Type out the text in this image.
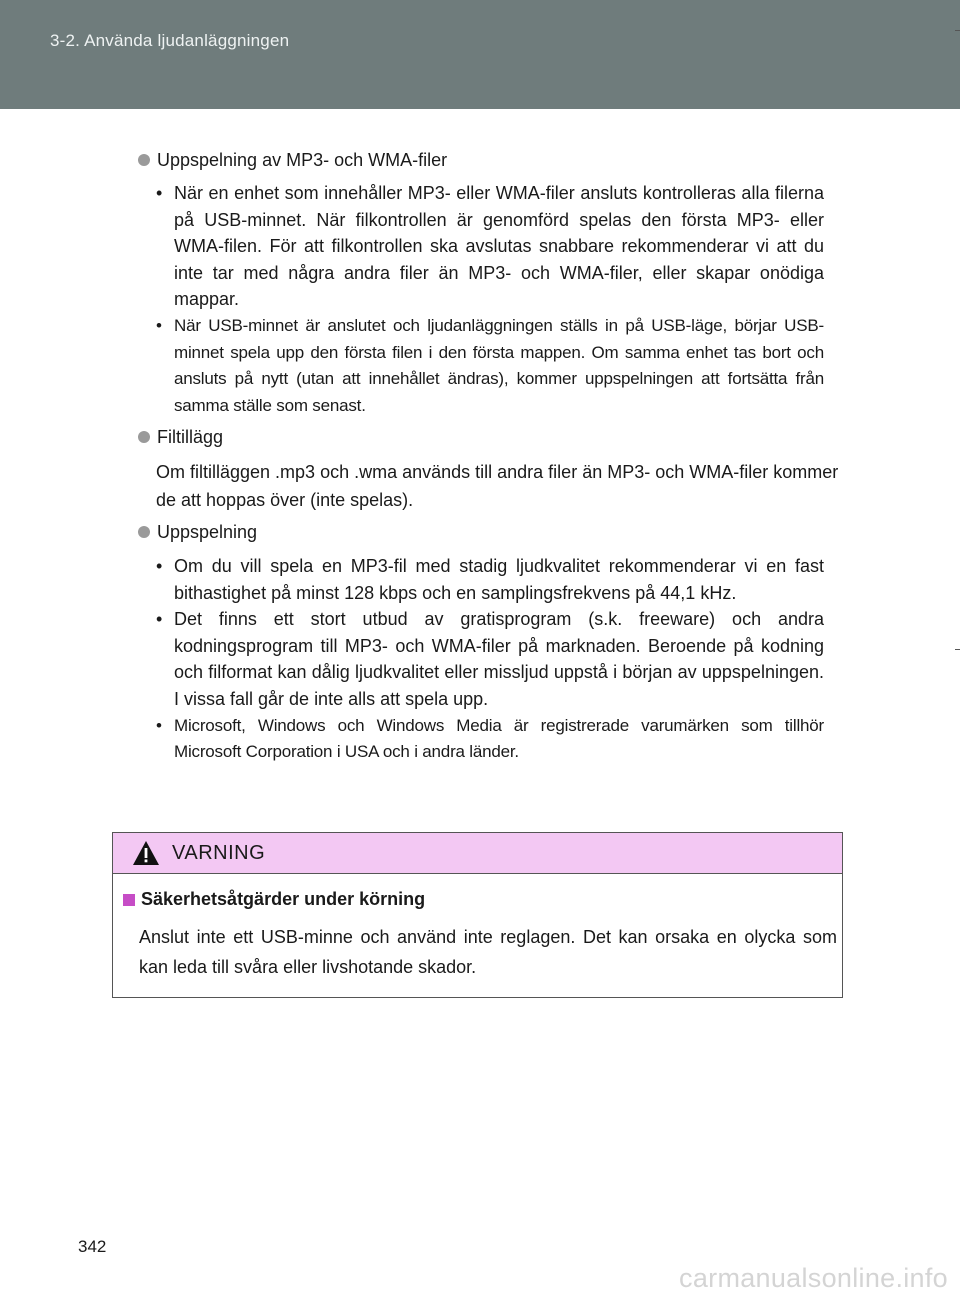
3-2. Använda ljudanläggningen
Uppspelning av MP3- och WMA-filer
• När en enhet som innehåller MP3- eller WMA-filer ansluts kontrolleras alla filerna på USB-minnet. När filkontrollen är genomförd spelas den första MP3- eller WMA-filen. För att filkontrollen ska avslutas snabbare rekommenderar vi att du inte tar med några andra filer än MP3- och WMA-filer, eller skapar onödiga mappar.
• När USB-minnet är anslutet och ljudanläggningen ställs in på USB-läge, börjar USB-minnet spela upp den första filen i den första mappen. Om samma enhet tas bort och ansluts på nytt (utan att innehållet ändras), kommer uppspelningen att fortsätta från samma ställe som senast.
Filtillägg
Om filtilläggen .mp3 och .wma används till andra filer än MP3- och WMA-filer kommer de att hoppas över (inte spelas).
Uppspelning
• Om du vill spela en MP3-fil med stadig ljudkvalitet rekommenderar vi en fast bithastighet på minst 128 kbps och en samplingsfrekvens på 44,1 kHz.
• Det finns ett stort utbud av gratisprogram (s.k. freeware) och andra kodningsprogram till MP3- och WMA-filer på marknaden. Beroende på kodning och filformat kan dålig ljudkvalitet eller missljud uppstå i början av uppspelningen. I vissa fall går de inte alls att spela upp.
• Microsoft, Windows och Windows Media är registrerade varumärken som tillhör Microsoft Corporation i USA och i andra länder.
VARNING
Säkerhetsåtgärder under körning
Anslut inte ett USB-minne och använd inte reglagen. Det kan orsaka en olycka som kan leda till svåra eller livshotande skador.
342
carmanualsonline.info
